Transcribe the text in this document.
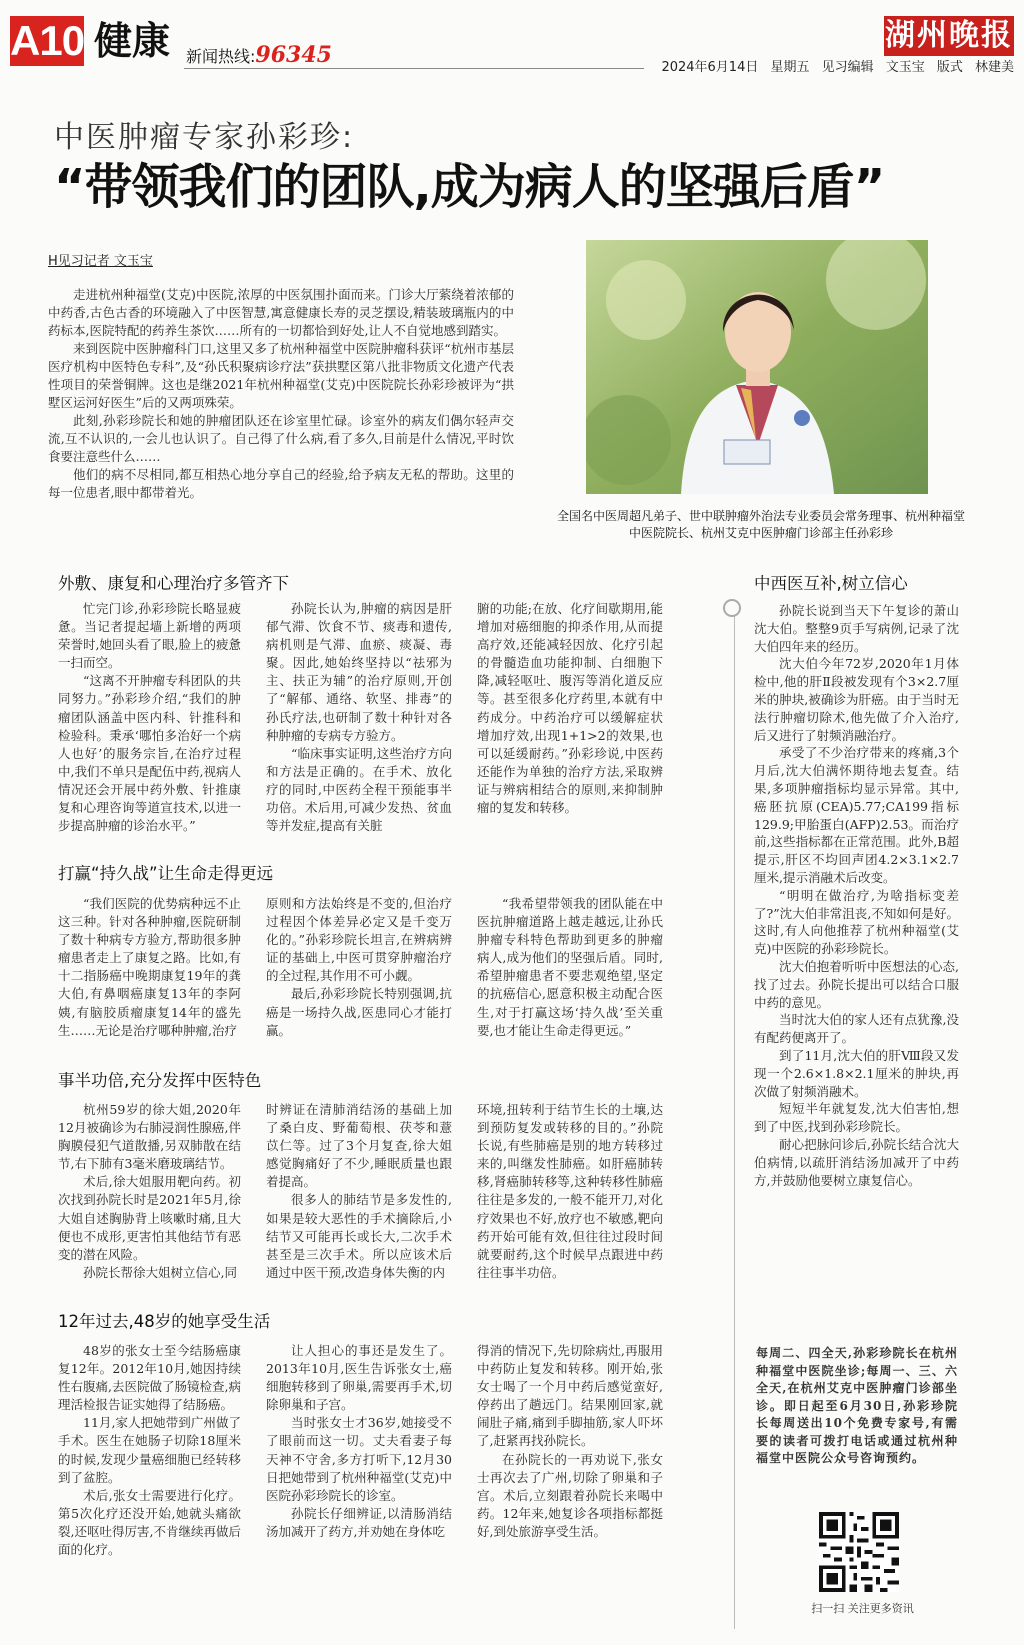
A10 健康 新闻热线:96345
湖州晚报
2024年6月14日 星期五 见习编辑 文玉宝 版式 林建美
中医肿瘤专家孙彩珍:
“带领我们的团队,成为病人的坚强后盾”
H见习记者 文玉宝

走进杭州种福堂(艾克)中医院,浓厚的中医氛围扑面而来。门诊大厅萦绕着浓郁的中药香,古色古香的环境融入了中医智慧,寓意健康长寿的灵芝摆设,精装玻璃瓶内的中药标本,医院特配的药养生茶饮……所有的一切都恰到好处,让人不自觉地感到踏实。

来到医院中医肿瘤科门口,这里又多了杭州种福堂中医院肿瘤科获评“杭州市基层医疗机构中医特色专科”,及“孙氏积聚病诊疗法”获拱墅区第八批非物质文化遗产代表性项目的荣誉铜牌。这也是继2021年杭州种福堂(艾克)中医院院长孙彩珍被评为“拱墅区运河好医生”后的又两项殊荣。

此刻,孙彩珍院长和她的肿瘤团队还在诊室里忙碌。诊室外的病友们偶尔轻声交流,互不认识的,一会儿也认识了。自己得了什么病,看了多久,目前是什么情况,平时饮食要注意些什么……

他们的病不尽相同,都互相热心地分享自己的经验,给予病友无私的帮助。这里的每一位患者,眼中都带着光。

全国名中医周超凡弟子、世中联肿瘤外治法专业委员会常务理事、杭州种福堂中医院院长、杭州艾克中医肿瘤门诊部主任孙彩珍
外敷、康复和心理治疗多管齐下

忙完门诊,孙彩珍院长略显疲惫。当记者提起墙上新增的两项荣誉时,她回头看了眼,脸上的疲惫一扫而空。

“这离不开肿瘤专科团队的共同努力。”孙彩珍介绍,“我们的肿瘤团队涵盖中医内科、针推科和检验科。秉承‘哪怕多治好一个病人也好’的服务宗旨,在治疗过程中,我们不单只是配伍中药,视病人情况还会开展中药外敷、针推康复和心理咨询等道宣技术,以进一步提高肿瘤的诊治水平。”

孙院长认为,肿瘤的病因是肝郁气滞、饮食不节、痰毒和遗传,病机则是气滞、血瘀、痰凝、毒聚。因此,她始终坚持以“祛邪为主、扶正为辅”的治疗原则,开创了“解郁、通络、软坚、排毒”的孙氏疗法,也研制了数十种针对各种肿瘤的专病专方验方。

“临床事实证明,这些治疗方向和方法是正确的。在手术、放化疗的同时,中医药全程干预能事半功倍。术后用,可减少发热、贫血等并发症,提高有关脏

腑的功能;在放、化疗间歇期用,能增加对癌细胞的抑杀作用,从而提高疗效,还能减轻因放、化疗引起的骨髓造血功能抑制、白细胞下降,减轻呕吐、腹泻等消化道反应等。甚至很多化疗药里,本就有中药成分。中药治疗可以缓解症状增加疗效,出现1+1>2的效果,也可以延缓耐药。”孙彩珍说,中医药还能作为单独的治疗方法,采取辨证与辨病相结合的原则,来抑制肿瘤的复发和转移。

打赢“持久战”让生命走得更远

“我们医院的优势病种远不止这三种。针对各种肿瘤,医院研制了数十种病专方验方,帮助很多肿瘤患者走上了康复之路。比如,有十二指肠癌中晚期康复19年的龚大伯,有鼻咽癌康复13年的李阿姨,有脑胶质瘤康复14年的盛先生……无论是治疗哪种肿瘤,治疗

原则和方法始终是不变的,但治疗过程因个体差异必定又是千变万化的。”孙彩珍院长坦言,在辨病辨证的基础上,中医可贯穿肿瘤治疗的全过程,其作用不可小觑。

最后,孙彩珍院长特别强调,抗癌是一场持久战,医患同心才能打赢。

“我希望带领我的团队能在中医抗肿瘤道路上越走越远,让孙氏肿瘤专科特色帮助到更多的肿瘤病人,成为他们的坚强后盾。同时,希望肿瘤患者不要悲观绝望,坚定的抗癌信心,愿意积极主动配合医生,对于打赢这场‘持久战’至关重要,也才能让生命走得更远。”

事半功倍,充分发挥中医特色

杭州59岁的徐大姐,2020年12月被确诊为右肺浸润性腺癌,伴胸膜侵犯气道散播,另双肺散在结节,右下肺有3毫米磨玻璃结节。

术后,徐大姐服用靶向药。初次找到孙院长时是2021年5月,徐大姐自述胸胁背上咳嗽时痛,且大便也不成形,更害怕其他结节有恶变的潜在风险。

孙院长帮徐大姐树立信心,同

时辨证在清肺消结汤的基础上加了桑白皮、野葡萄根、茯苓和薏苡仁等。过了3个月复查,徐大姐感觉胸痛好了不少,睡眠质量也跟着提高。

很多人的肺结节是多发性的,如果是较大恶性的手术摘除后,小结节又可能再长或长大,二次手术甚至是三次手术。所以应该术后通过中医干预,改造身体失衡的内

环境,扭转利于结节生长的土壤,达到预防复发或转移的目的。”孙院长说,有些肺癌是别的地方转移过来的,叫继发性肺癌。如肝癌肺转移,肾癌肺转移等,这种转移性肺癌往往是多发的,一般不能开刀,对化疗效果也不好,放疗也不敏感,靶向药开始可能有效,但往往过段时间就要耐药,这个时候早点跟进中药往往事半功倍。

12年过去,48岁的她享受生活

48岁的张女士至今结肠癌康复12年。2012年10月,她因持续性右腹痛,去医院做了肠镜检查,病理活检报告证实她得了结肠癌。

11月,家人把她带到广州做了手术。医生在她肠子切除18厘米的时候,发现少量癌细胞已经转移到了盆腔。

术后,张女士需要进行化疗。第5次化疗还没开始,她就头痛欲裂,还呕吐得厉害,不肯继续再做后面的化疗。

让人担心的事还是发生了。2013年10月,医生告诉张女士,癌细胞转移到了卵巢,需要再手术,切除卵巢和子宫。

当时张女士才36岁,她接受不了眼前而这一切。丈夫看妻子每天神不守舍,多方打听下,12月30日把她带到了杭州种福堂(艾克)中医院孙彩珍院长的诊室。

孙院长仔细辨证,以清肠消结汤加减开了药方,并劝她在身体吃

得消的情况下,先切除病灶,再服用中药防止复发和转移。刚开始,张女士喝了一个月中药后感觉蛮好,停药出了趟远门。结果刚回家,就闹肚子痛,痛到手脚抽筋,家人吓坏了,赶紧再找孙院长。

在孙院长的一再劝说下,张女士再次去了广州,切除了卵巢和子宫。术后,立刻跟着孙院长来喝中药。12年来,她复诊各项指标都挺好,到处旅游享受生活。

中西医互补,树立信心

孙院长说到当天下午复诊的萧山沈大伯。整整9页手写病例,记录了沈大伯四年来的经历。

沈大伯今年72岁,2020年1月体检中,他的肝Ⅱ段被发现有个3×2.7厘米的肿块,被确诊为肝癌。由于当时无法行肿瘤切除术,他先做了介入治疗,后又进行了射频消融治疗。

承受了不少治疗带来的疼痛,3个月后,沈大伯满怀期待地去复查。结果,多项肿瘤指标均显示异常。其中,癌胚抗原(CEA)5.77;CA199指标129.9;甲胎蛋白(AFP)2.53。而治疗前,这些指标都在正常范围。此外,B超提示,肝区不均回声团4.2×3.1×2.7厘米,提示消融术后改变。

“明明在做治疗,为啥指标变差了?”沈大伯非常沮丧,不知如何是好。这时,有人向他推荐了杭州种福堂(艾克)中医院的孙彩珍院长。

沈大伯抱着听听中医想法的心态,找了过去。孙院长提出可以结合口服中药的意见。

当时沈大伯的家人还有点犹豫,没有配药便离开了。

到了11月,沈大伯的肝Ⅷ段又发现一个2.6×1.8×2.1厘米的肿块,再次做了射频消融术。

短短半年就复发,沈大伯害怕,想到了中医,找到孙彩珍院长。

耐心把脉问诊后,孙院长结合沈大伯病情,以疏肝消结汤加减开了中药方,并鼓励他要树立康复信心。

每周二、四全天,孙彩珍院长在杭州种福堂中医院坐诊;每周一、三、六全天,在杭州艾克中医肿瘤门诊部坐诊。即日起至6月30日,孙彩珍院长每周送出10个免费专家号,有需要的读者可拨打电话或通过杭州种福堂中医院公众号咨询预约。
扫一扫 关注更多资讯
